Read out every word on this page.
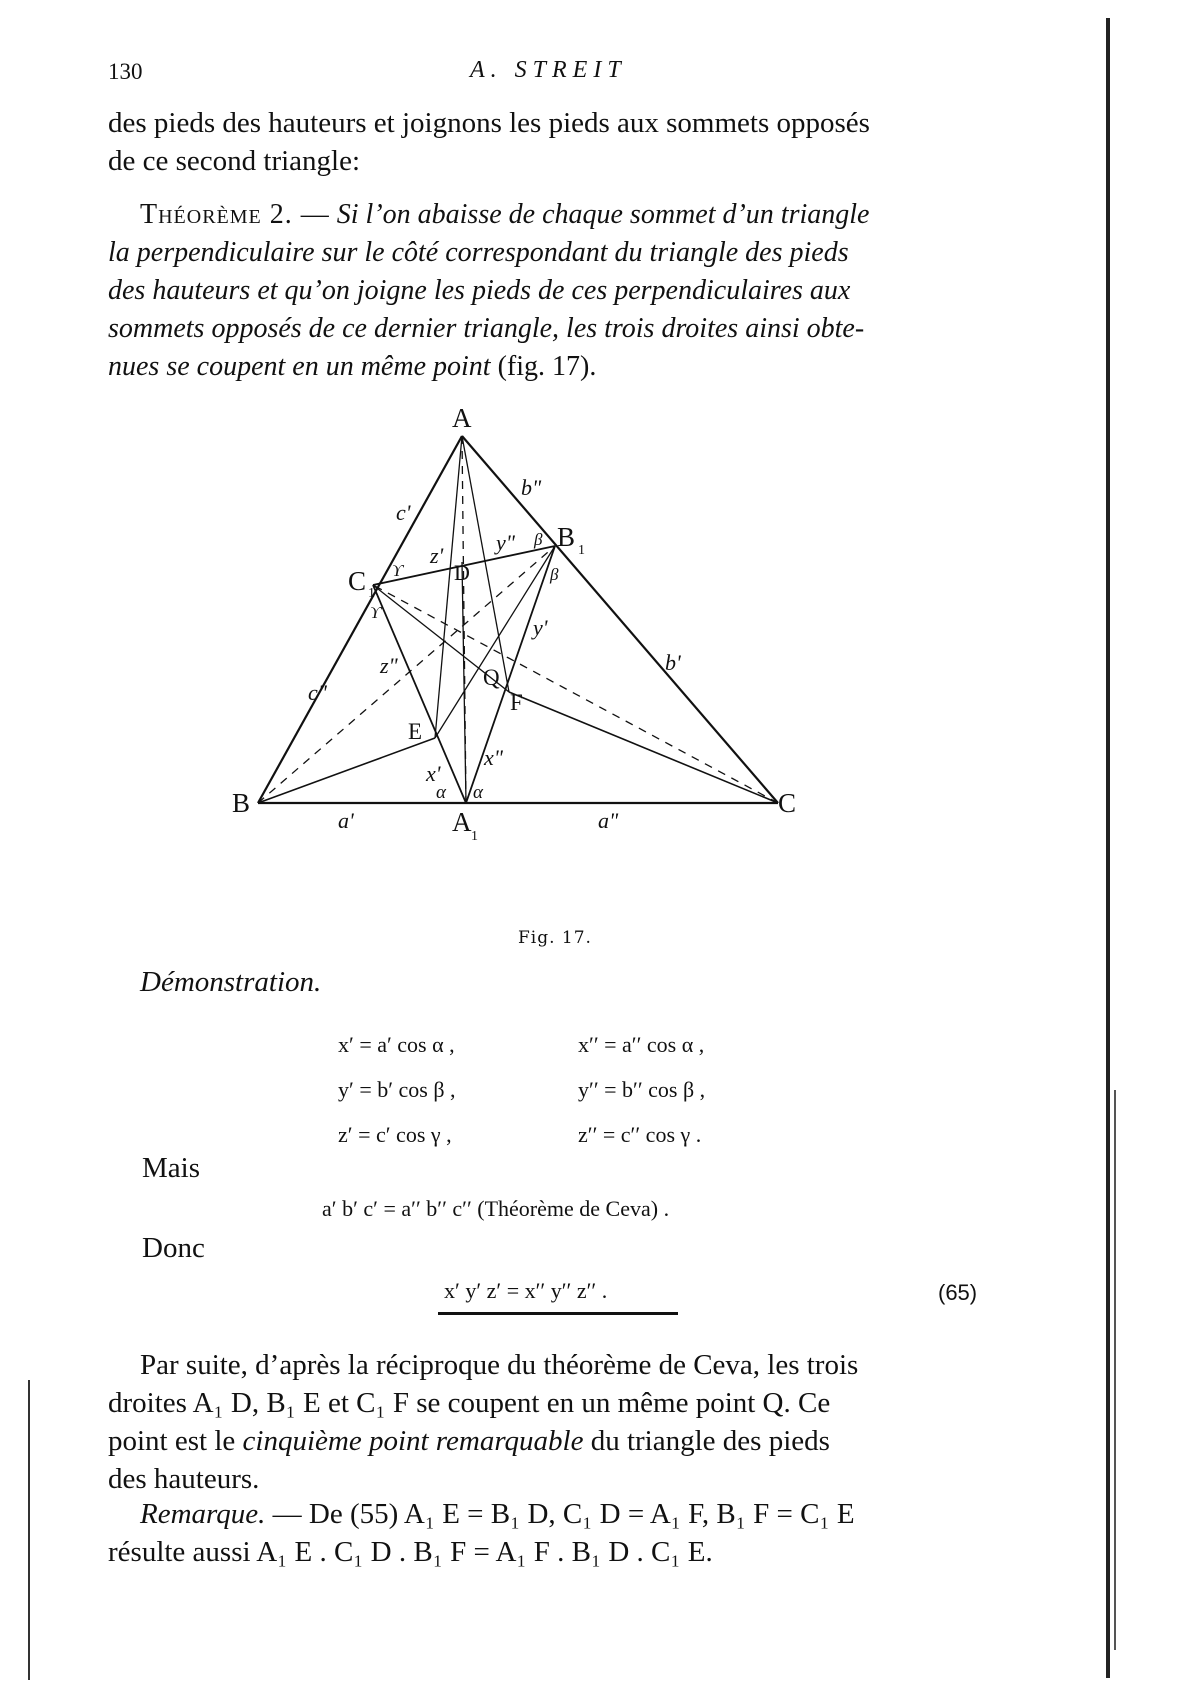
130	A. STREIT
des pieds des hauteurs et joignons les pieds aux sommets opposés
de ce second triangle:
Théorème 2. — Si l’on abaisse de chaque sommet d’un triangle
la perpendiculaire sur le côté correspondant du triangle des pieds
des hauteurs et qu’on joigne les pieds de ces perpendiculaires aux
sommets opposés de ce dernier triangle, les trois droites ainsi obte-
nues se coupent en un même point (fig. 17).
A
B	C
A 1
B 1
C 1
D
E
F
Q
a'	a"
b'
b"
c'
c"
x'
x"
y'
y"
z'
z"
α α
β
β
ϒ
ϒ
Fig. 17.
Démonstration.
x′ = a′ cos α ,	x′′ = a′′ cos α ,
y′ = b′ cos β ,	y′′ = b′′ cos β ,
z′ = c′ cos γ ,	z′′ = c′′ cos γ .
Mais
a′ b′ c′ = a′′ b′′ c′′ (Théorème de Ceva) .
Donc
x′ y′ z′ = x′′ y′′ z′′ .	(65)
Par suite, d’après la réciproque du théorème de Ceva, les trois
droites A₁ D, B₁ E et C₁ F se coupent en un même point Q. Ce
point est le cinquième point remarquable du triangle des pieds
des hauteurs.
Remarque. — De (55) A₁ E = B₁ D, C₁ D = A₁ F, B₁ F = C₁ E
résulte aussi A₁ E . C₁ D . B₁ F = A₁ F . B₁ D . C₁ E.
